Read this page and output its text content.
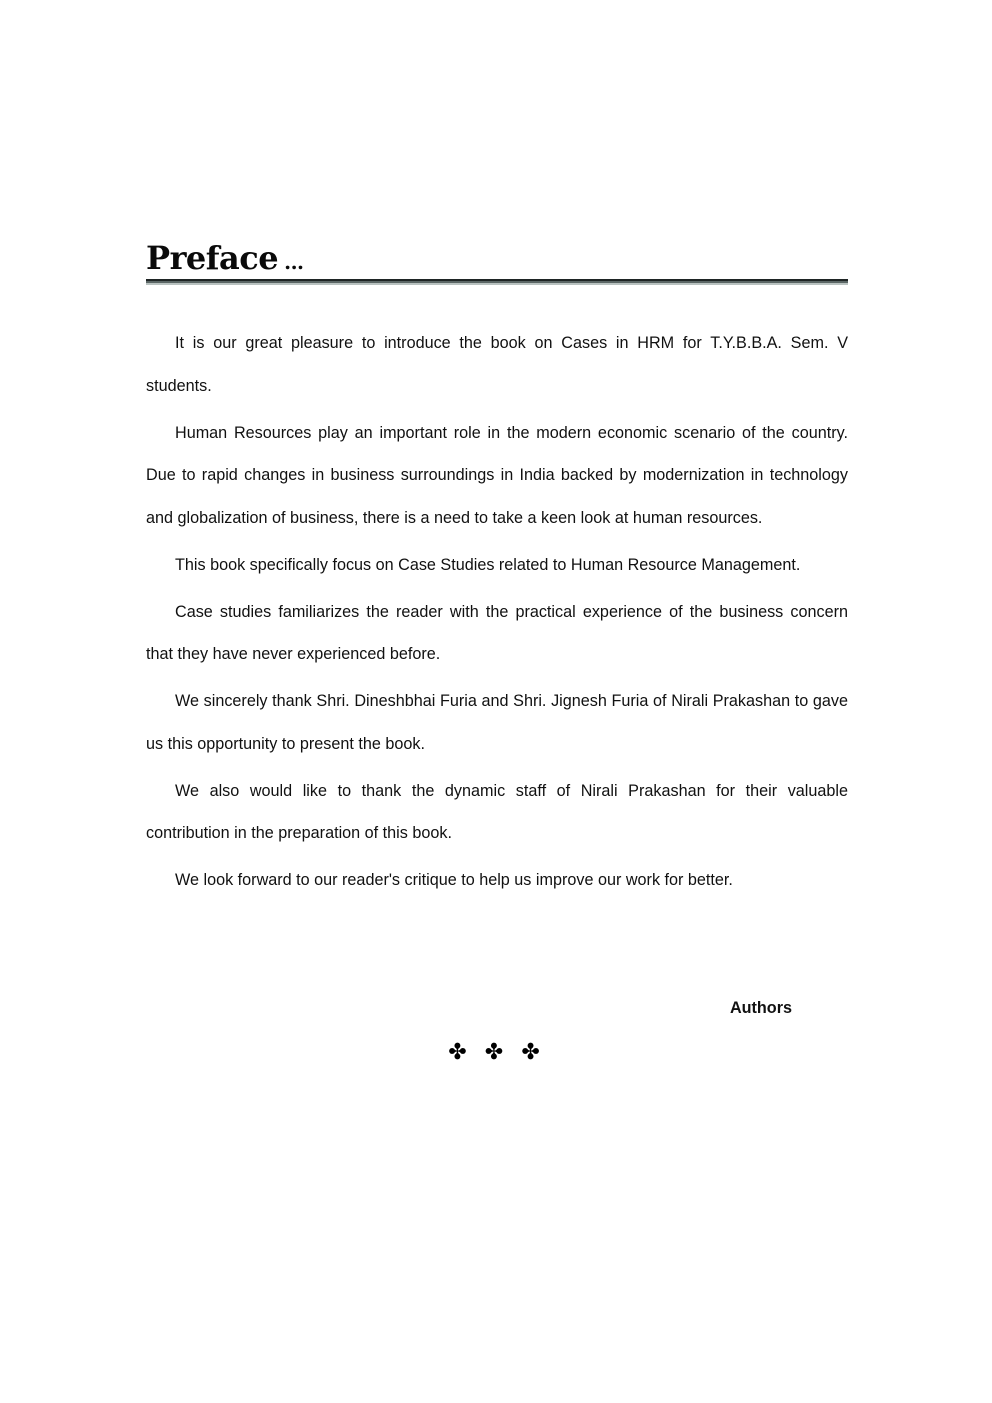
Preface ...

It is our great pleasure to introduce the book on Cases in HRM for T.Y.B.B.A. Sem. V students.

Human Resources play an important role in the modern economic scenario of the country. Due to rapid changes in business surroundings in India backed by modernization in technology and globalization of business, there is a need to take a keen look at human resources.

This book specifically focus on Case Studies related to Human Resource Management.

Case studies familiarizes the reader with the practical experience of the business concern that they have never experienced before.

We sincerely thank Shri. Dineshbhai Furia and Shri. Jignesh Furia of Nirali Prakashan to gave us this opportunity to present the book.

We also would like to thank the dynamic staff of Nirali Prakashan for their valuable contribution in the preparation of this book.

We look forward to our reader's critique to help us improve our work for better.

Authors
✤ ✤ ✤
